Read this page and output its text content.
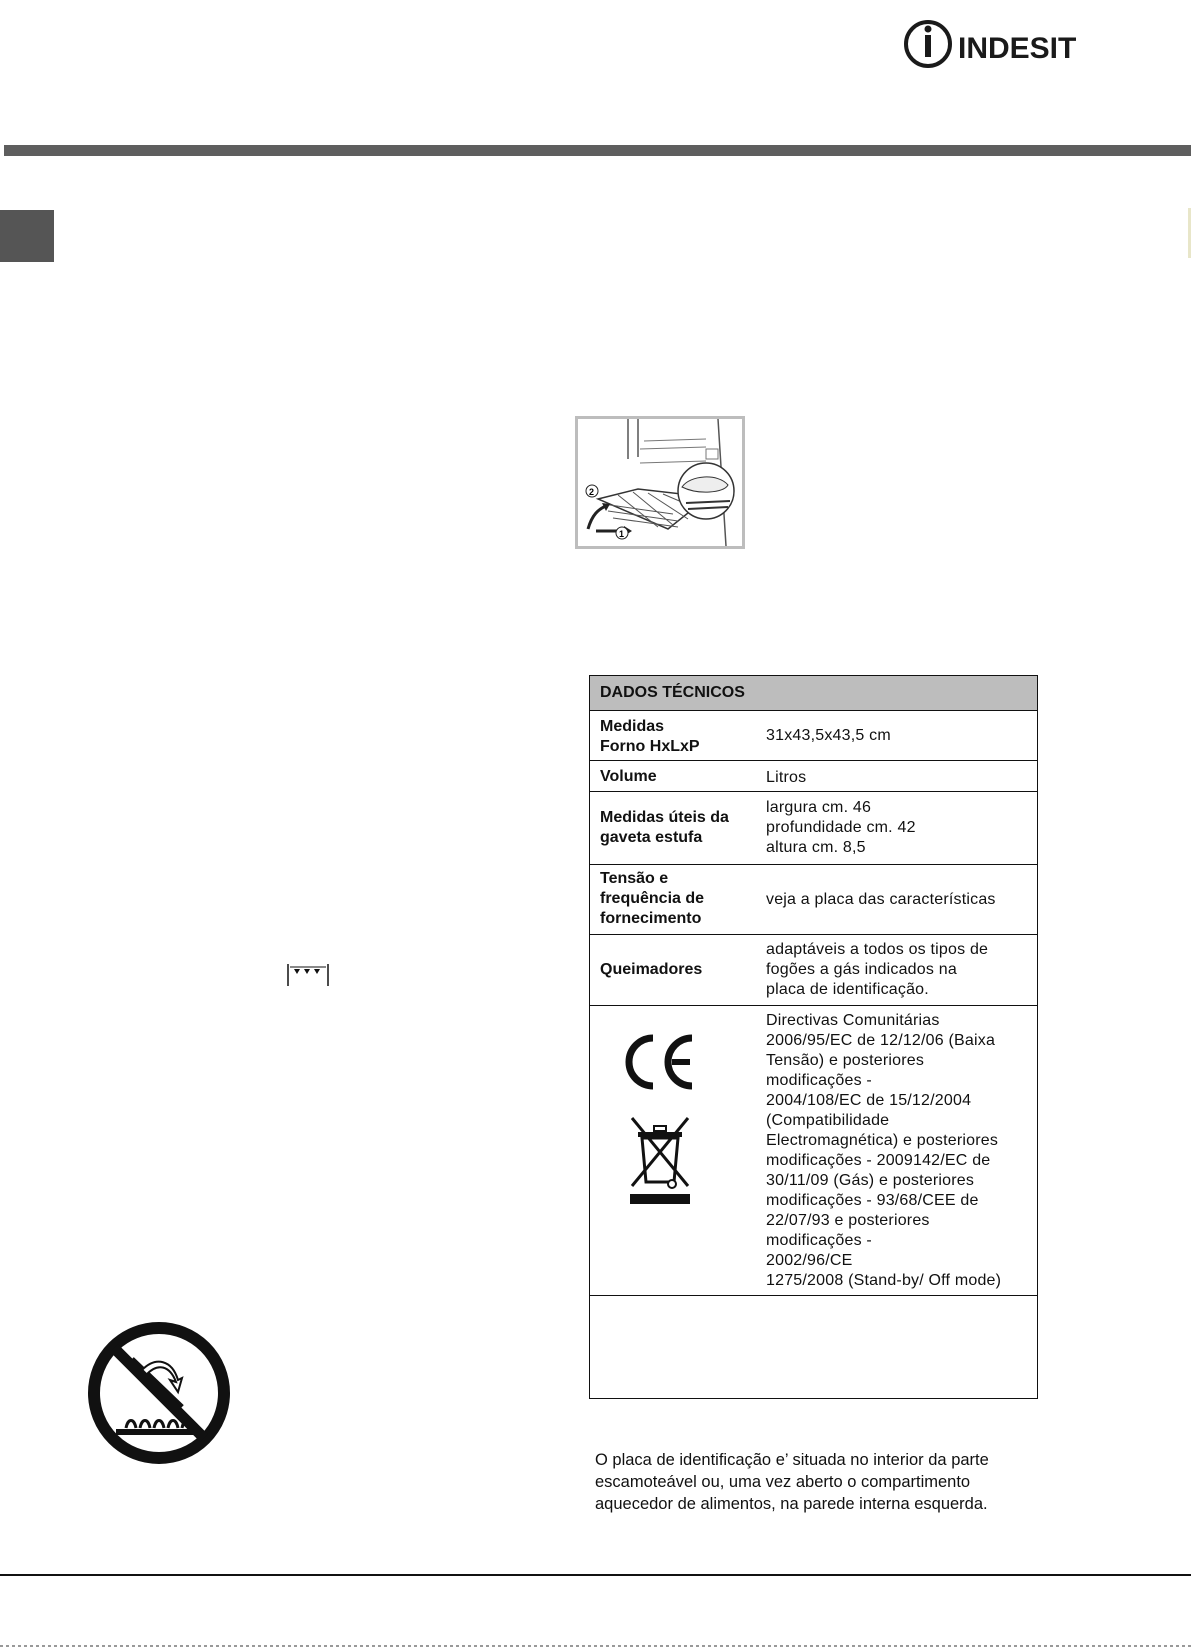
INDESIT
2
1
DADOS TÉCNICOS
Medidas
Forno HxLxP
31x43,5x43,5 cm
Volume	Litros
Medidas úteis da
gaveta estufa
largura cm. 46
profundidade cm. 42
altura cm. 8,5
Tensão e
frequência de
fornecimento
veja a placa das características
Queimadores
adaptáveis a todos os tipos de
fogões a gás indicados na
placa de identificação.
Directivas Comunitárias
2006/95/EC de 12/12/06 (Baixa
Tensão) e posteriores
modificações -
2004/108/EC de 15/12/2004
(Compatibilidade
Electromagnética) e posteriores
modificações - 2009142/EC de
30/11/09 (Gás) e posteriores
modificações - 93/68/CEE de
22/07/93 e posteriores
modificações -
2002/96/CE
1275/2008 (Stand-by/ Off mode)
O placa de identificação e’ situada no interior da parte
escamoteável ou, uma vez aberto o compartimento
aquecedor de alimentos, na parede interna esquerda.
